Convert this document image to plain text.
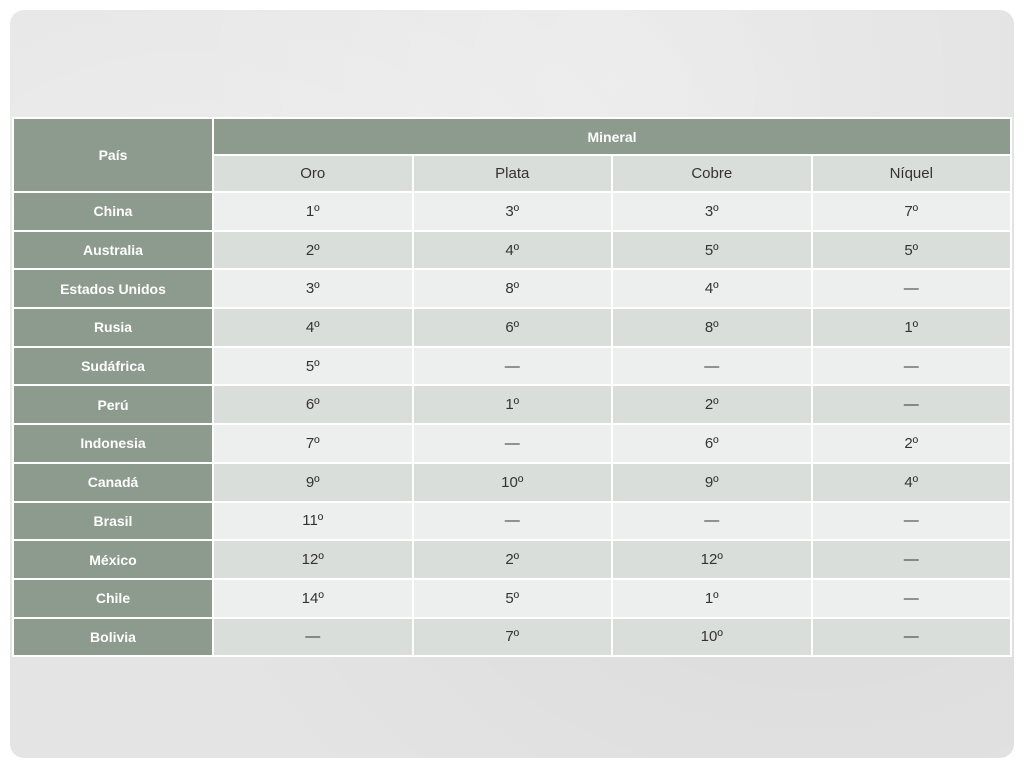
País	Mineral			
	Oro	Plata	Cobre	Níquel
China	1º	3º	3º	7º
Australia	2º	4º	5º	5º
Estados Unidos	3º	8º	4º	—
Rusia	4º	6º	8º	1º
Sudáfrica	5º	—	—	—
Perú	6º	1º	2º	—
Indonesia	7º	—	6º	2º
Canadá	9º	10º	9º	4º
Brasil	11º	—	—	—
México	12º	2º	12º	—
Chile	14º	5º	1º	—
Bolivia	—	7º	10º	—
